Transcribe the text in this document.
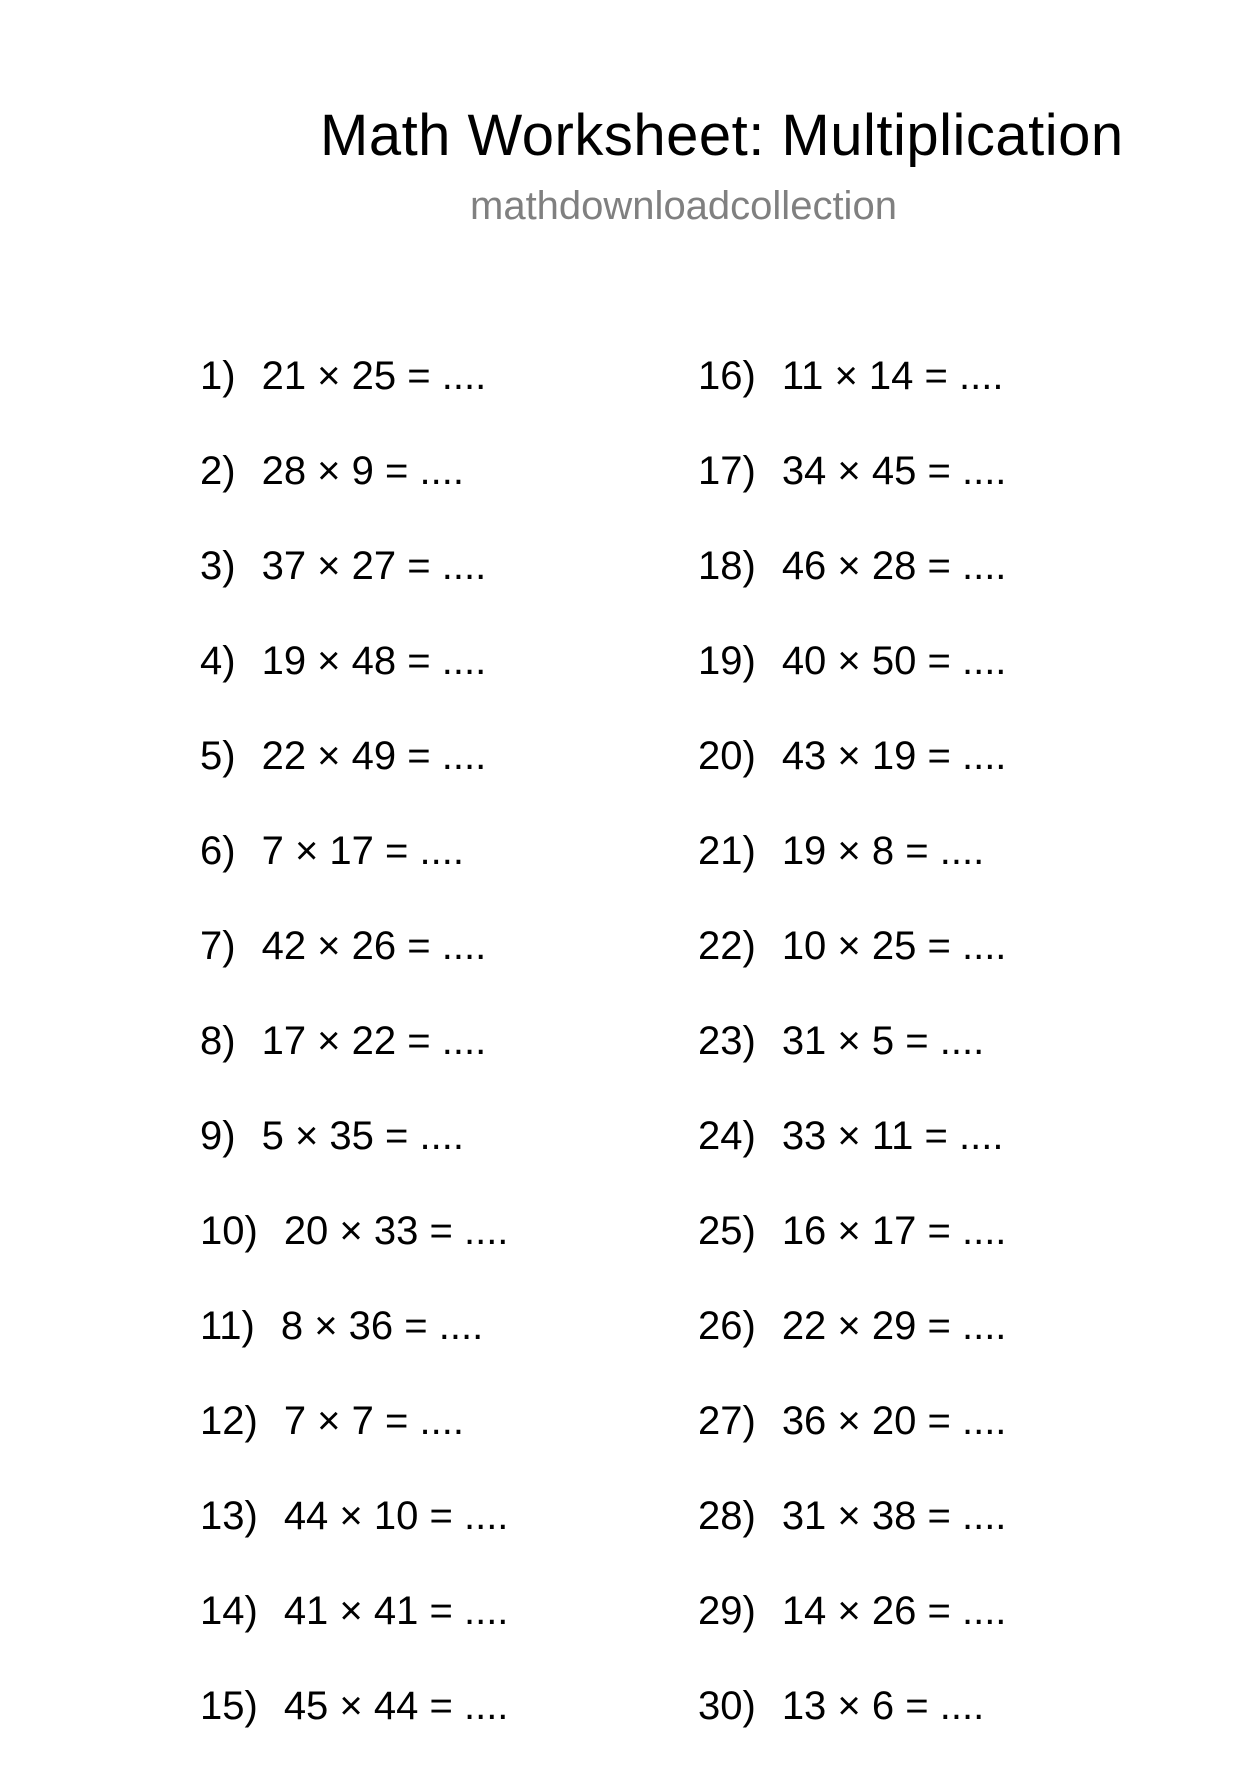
Math Worksheet: Multiplication
mathdownloadcollection
1) 21 × 25 = ....
2) 28 × 9 = ....
3) 37 × 27 = ....
4) 19 × 48 = ....
5) 22 × 49 = ....
6) 7 × 17 = ....
7) 42 × 26 = ....
8) 17 × 22 = ....
9) 5 × 35 = ....
10) 20 × 33 = ....
11) 8 × 36 = ....
12) 7 × 7 = ....
13) 44 × 10 = ....
14) 41 × 41 = ....
15) 45 × 44 = ....
16) 11 × 14 = ....
17) 34 × 45 = ....
18) 46 × 28 = ....
19) 40 × 50 = ....
20) 43 × 19 = ....
21) 19 × 8 = ....
22) 10 × 25 = ....
23) 31 × 5 = ....
24) 33 × 11 = ....
25) 16 × 17 = ....
26) 22 × 29 = ....
27) 36 × 20 = ....
28) 31 × 38 = ....
29) 14 × 26 = ....
30) 13 × 6 = ....
